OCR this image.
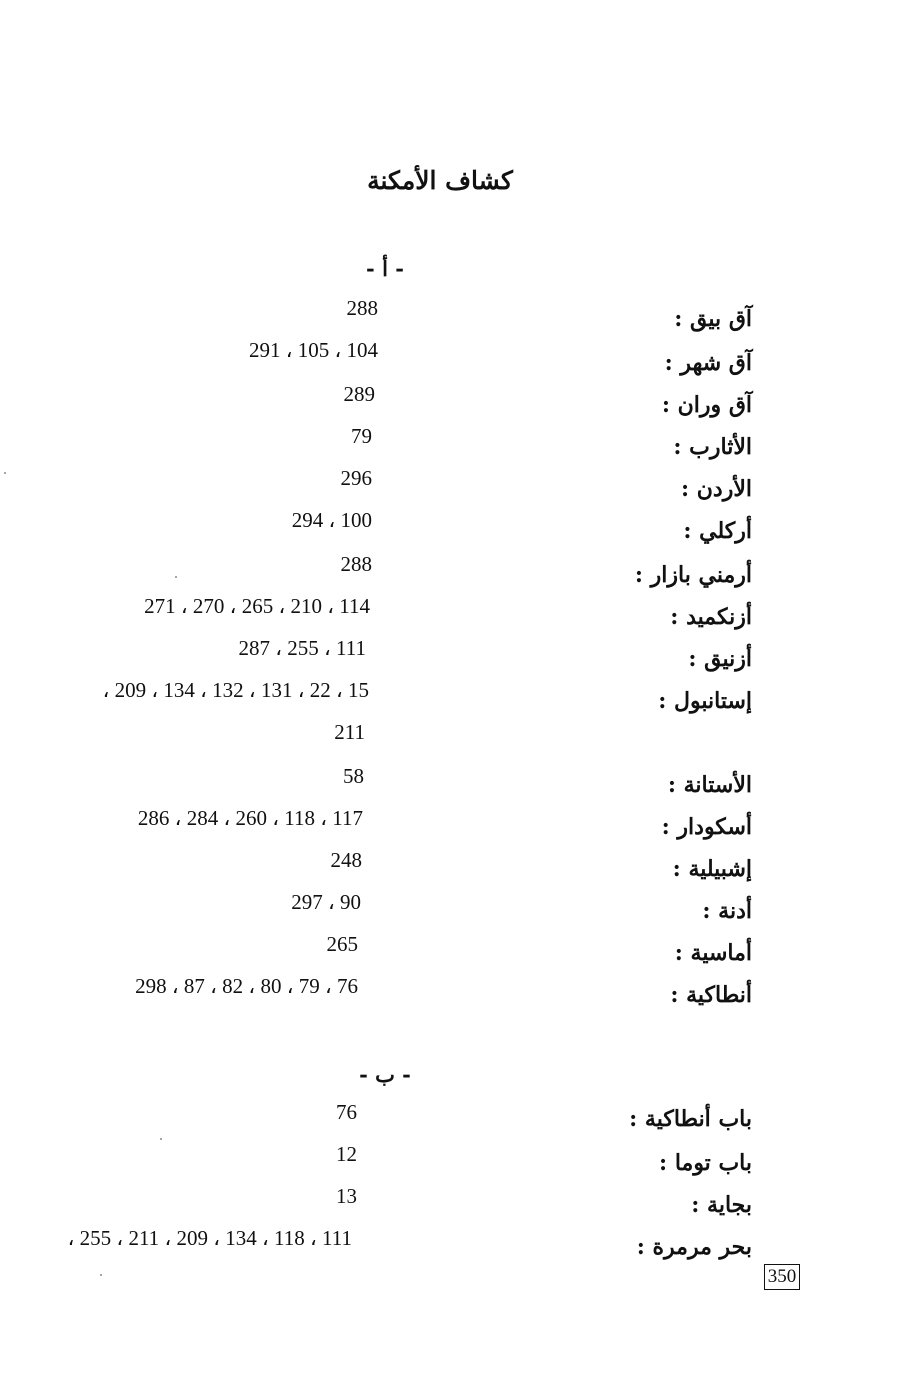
كشاف الأمكنة
- أ -
آق بيق :
288
آق شهر :
104 ، 105 ، 291
آق وران :
289
الأثارب :
79
الأردن :
296
أركلي :
100 ، 294
أرمني بازار :
288
أزنكميد :
114 ، 210 ، 265 ، 270 ، 271
أزنيق :
111 ، 255 ، 287
إستانبول :
15 ، 22 ، 131 ، 132 ، 134 ، 209 ،
211
الأستانة :
58
أسكودار :
117 ، 118 ، 260 ، 284 ، 286
إشبيلية :
248
أدنة :
90 ، 297
أماسية :
265
أنطاكية :
76 ، 79 ، 80 ، 82 ، 87 ، 298
- ب -
باب أنطاكية :
76
باب توما :
12
بجاية :
13
بحر مرمرة :
111 ، 118 ، 134 ، 209 ، 211 ، 255 ،
350
